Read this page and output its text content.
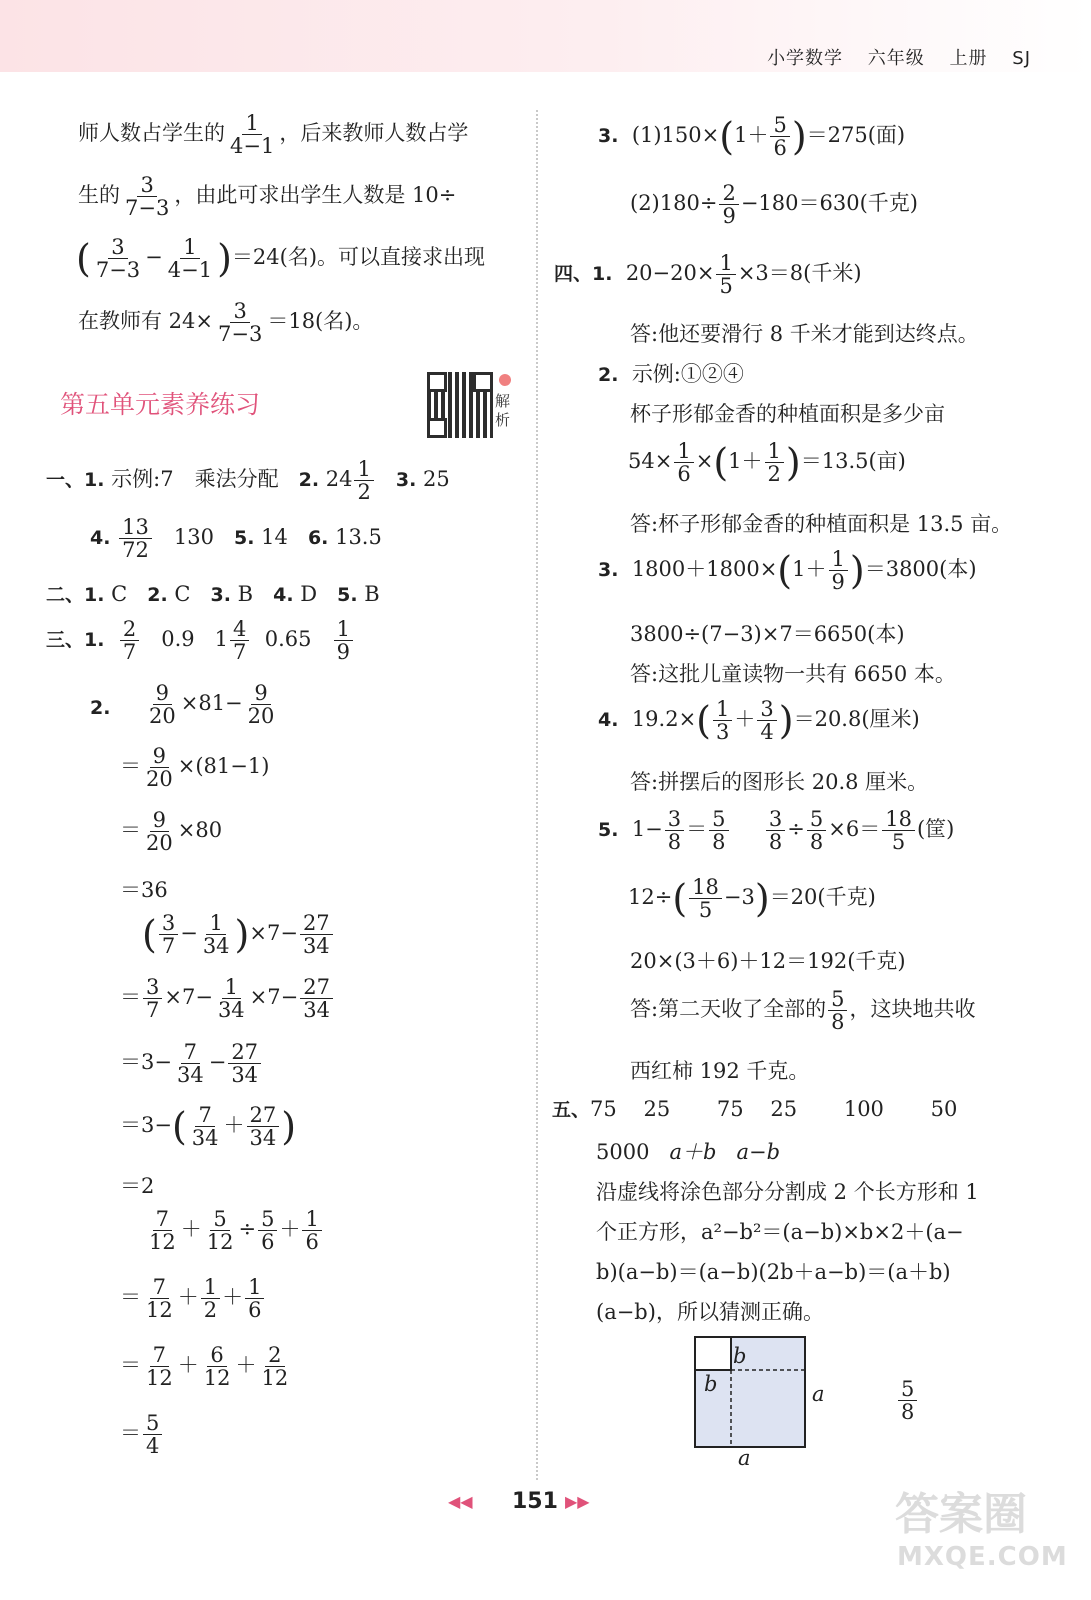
小学数学 六年级 上册 SJ
师人数占学生的 $\frac{1}{4-1}$ ，后来教师人数占学
生的 $\frac{3}{7-3}$ ，由此可求出学生人数是 10÷
( $\frac{3}{7-3} - \frac{1}{4-1} )=24$(名)。可以直接求出现
在教师有 $24\times \frac{3}{7-3} =18$(名)。
第五单元素养练习	解
析
一、1. 示例:7　乘法分配 2. $24 \frac{1}{2} 3$. 25
4. $\frac{13}{72} 130$ 5. 14 6. 13.5
二、1. C 2. C 3. B 4. D 5. B
三、1. $\frac{2}{7} 0.9$ $1 \frac{4}{7} 0.65 \frac{1}{9}$
2. $\frac{9}{20} \times 81- \frac{9}{20}$
＝ $\frac{9}{20} \times(81-1)$
＝ $\frac{9}{20} \times 80$
＝36
( $\frac{3}{7} - \frac{1}{34} )\times 7- \frac{27}{34}$
＝ $\frac{3}{7} \times 7- \frac{1}{34} \times 7- \frac{27}{34}$
$=3- \frac{7}{34} - \frac{27}{34}$
$=3-( \frac{7}{34} + \frac{27}{34}$ )
＝2
$\frac{7}{12} + \frac{5}{12} \div \frac{5}{6} + \frac{1}{6}$
＝ $\frac{7}{12} + \frac{1}{2} + \frac{1}{6}$
＝ $\frac{7}{12} + \frac{6}{12} + \frac{2}{12}$
＝ $\frac{5}{4}$
3. $(1)150\times(1+ \frac{5}{6} )=275$(面)
$(2)180\div \frac{2}{9} -180=630$(千克)
四、1. $20-20\times \frac{1}{5} \times 3=8$(千米)
答:他还要滑行 8 千米才能到达终点。
2. 示例:①②④
杯子形郁金香的种植面积是多少亩
$54\times \frac{1}{6} \times(1+ \frac{1}{2} )=13.5$(亩)
答:杯子形郁金香的种植面积是 13.5 亩。
3. $1800+1800\times(1+ \frac{1}{9} )=3800$(本)
3800÷(7−3)×7＝6650(本)
答:这批儿童读物一共有 6650 本。
4. $19.2\times( \frac{1}{3} + \frac{3}{4} )=20.8$(厘米)
答:拼摆后的图形长 20.8 厘米。
5. $1- \frac{3}{8} = \frac{5}{8}$
$\frac{3}{8} \div \frac{5}{8} \times 6= \frac{18}{5}$ (筐)
$12\div( \frac{18}{5} -3)=20$(千克)
20×(3＋6)＋12＝192(千克)
答:第二天收了全部的 $\frac{5}{8}$ ，这块地共收
西红柿 192 千克。
五、75 25 75 25 100 50
5000 a＋b a−b
沿虚线将涂色部分分割成 2 个长方形和 1
个正方形，a²−b²＝(a−b)×b×2＋(a−
b)(a−b)＝(a−b)(2b＋a−b)＝(a＋b)
(a−b)，所以猜测正确。
b
b	a
a
$\frac{5}{8}$
◀◀ 151 ▶▶	答案圈
MXQE.COM
